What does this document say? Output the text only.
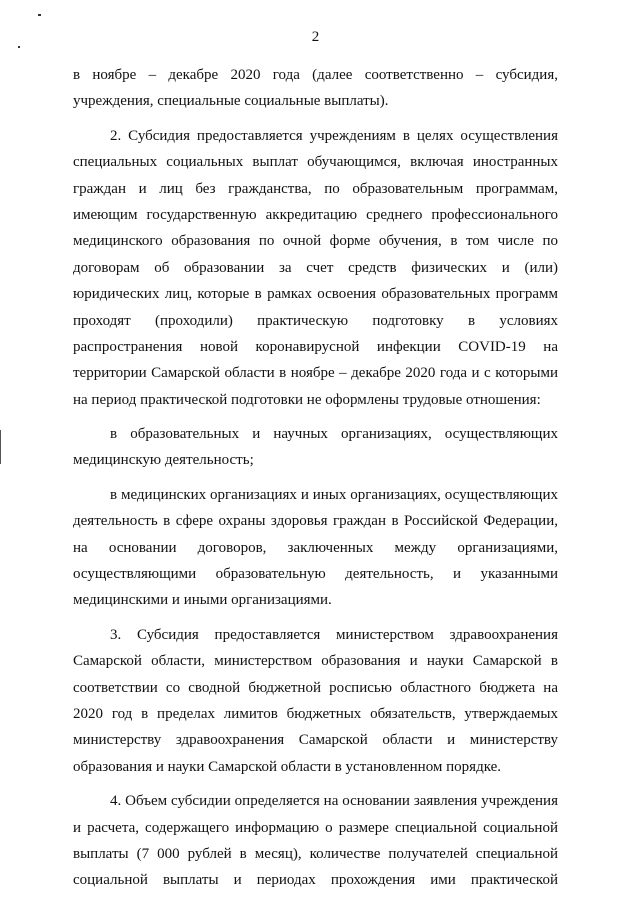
2
в ноябре – декабре 2020 года (далее соответственно – субсидия,
учреждения, специальные социальные выплаты).
2. Субсидия предоставляется учреждениям в целях осуществления
специальных социальных выплат обучающимся, включая иностранных
граждан и лиц без гражданства, по образовательным программам,
имеющим государственную аккредитацию среднего профессионального
медицинского образования по очной форме обучения, в том числе по
договорам об образовании за счет средств физических и (или)
юридических лиц, которые в рамках освоения образовательных программ
проходят (проходили) практическую подготовку в условиях
распространения новой коронавирусной инфекции COVID-19 на
территории Самарской области в ноябре – декабре 2020 года и с которыми
на период практической подготовки не оформлены трудовые отношения:
в образовательных и научных организациях, осуществляющих
медицинскую деятельность;
в медицинских организациях и иных организациях, осуществляющих
деятельность в сфере охраны здоровья граждан в Российской Федерации,
на основании договоров, заключенных между организациями,
осуществляющими образовательную деятельность, и указанными
медицинскими и иными организациями.
3. Субсидия предоставляется министерством здравоохранения
Самарской области, министерством образования и науки Самарской в
соответствии со сводной бюджетной росписью областного бюджета на
2020 год в пределах лимитов бюджетных обязательств, утверждаемых
министерству здравоохранения Самарской области и министерству
образования и науки Самарской области в установленном порядке.
4. Объем субсидии определяется на основании заявления учреждения
и расчета, содержащего информацию о размере специальной социальной
выплаты (7 000 рублей в месяц), количестве получателей специальной
социальной выплаты и периодах прохождения ими практической
